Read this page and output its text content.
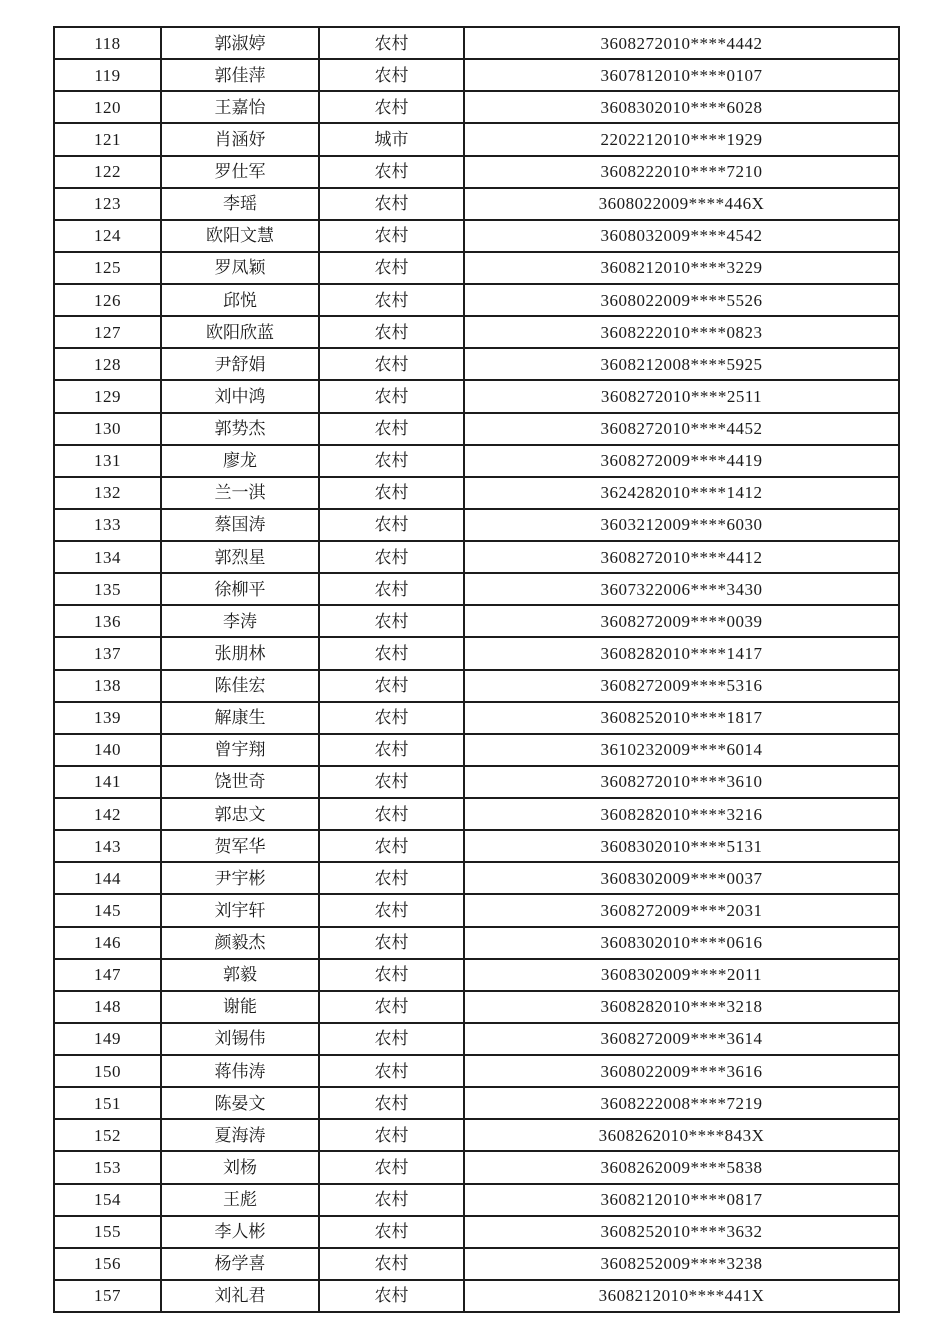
118	郭淑婷	农村	3608272010****4442
119	郭佳萍	农村	3607812010****0107
120	王嘉怡	农村	3608302010****6028
121	肖涵妤	城市	2202212010****1929
122	罗仕军	农村	3608222010****7210
123	李瑶	农村	3608022009****446X
124	欧阳文慧	农村	3608032009****4542
125	罗凤颖	农村	3608212010****3229
126	邱悦	农村	3608022009****5526
127	欧阳欣蓝	农村	3608222010****0823
128	尹舒娟	农村	3608212008****5925
129	刘中鸿	农村	3608272010****2511
130	郭势杰	农村	3608272010****4452
131	廖龙	农村	3608272009****4419
132	兰一淇	农村	3624282010****1412
133	蔡国涛	农村	3603212009****6030
134	郭烈星	农村	3608272010****4412
135	徐柳平	农村	3607322006****3430
136	李涛	农村	3608272009****0039
137	张朋林	农村	3608282010****1417
138	陈佳宏	农村	3608272009****5316
139	解康生	农村	3608252010****1817
140	曾宇翔	农村	3610232009****6014
141	饶世奇	农村	3608272010****3610
142	郭忠文	农村	3608282010****3216
143	贺军华	农村	3608302010****5131
144	尹宇彬	农村	3608302009****0037
145	刘宇轩	农村	3608272009****2031
146	颜毅杰	农村	3608302010****0616
147	郭毅	农村	3608302009****2011
148	谢能	农村	3608282010****3218
149	刘锡伟	农村	3608272009****3614
150	蒋伟涛	农村	3608022009****3616
151	陈晏文	农村	3608222008****7219
152	夏海涛	农村	3608262010****843X
153	刘杨	农村	3608262009****5838
154	王彪	农村	3608212010****0817
155	李人彬	农村	3608252010****3632
156	杨学喜	农村	3608252009****3238
157	刘礼君	农村	3608212010****441X
